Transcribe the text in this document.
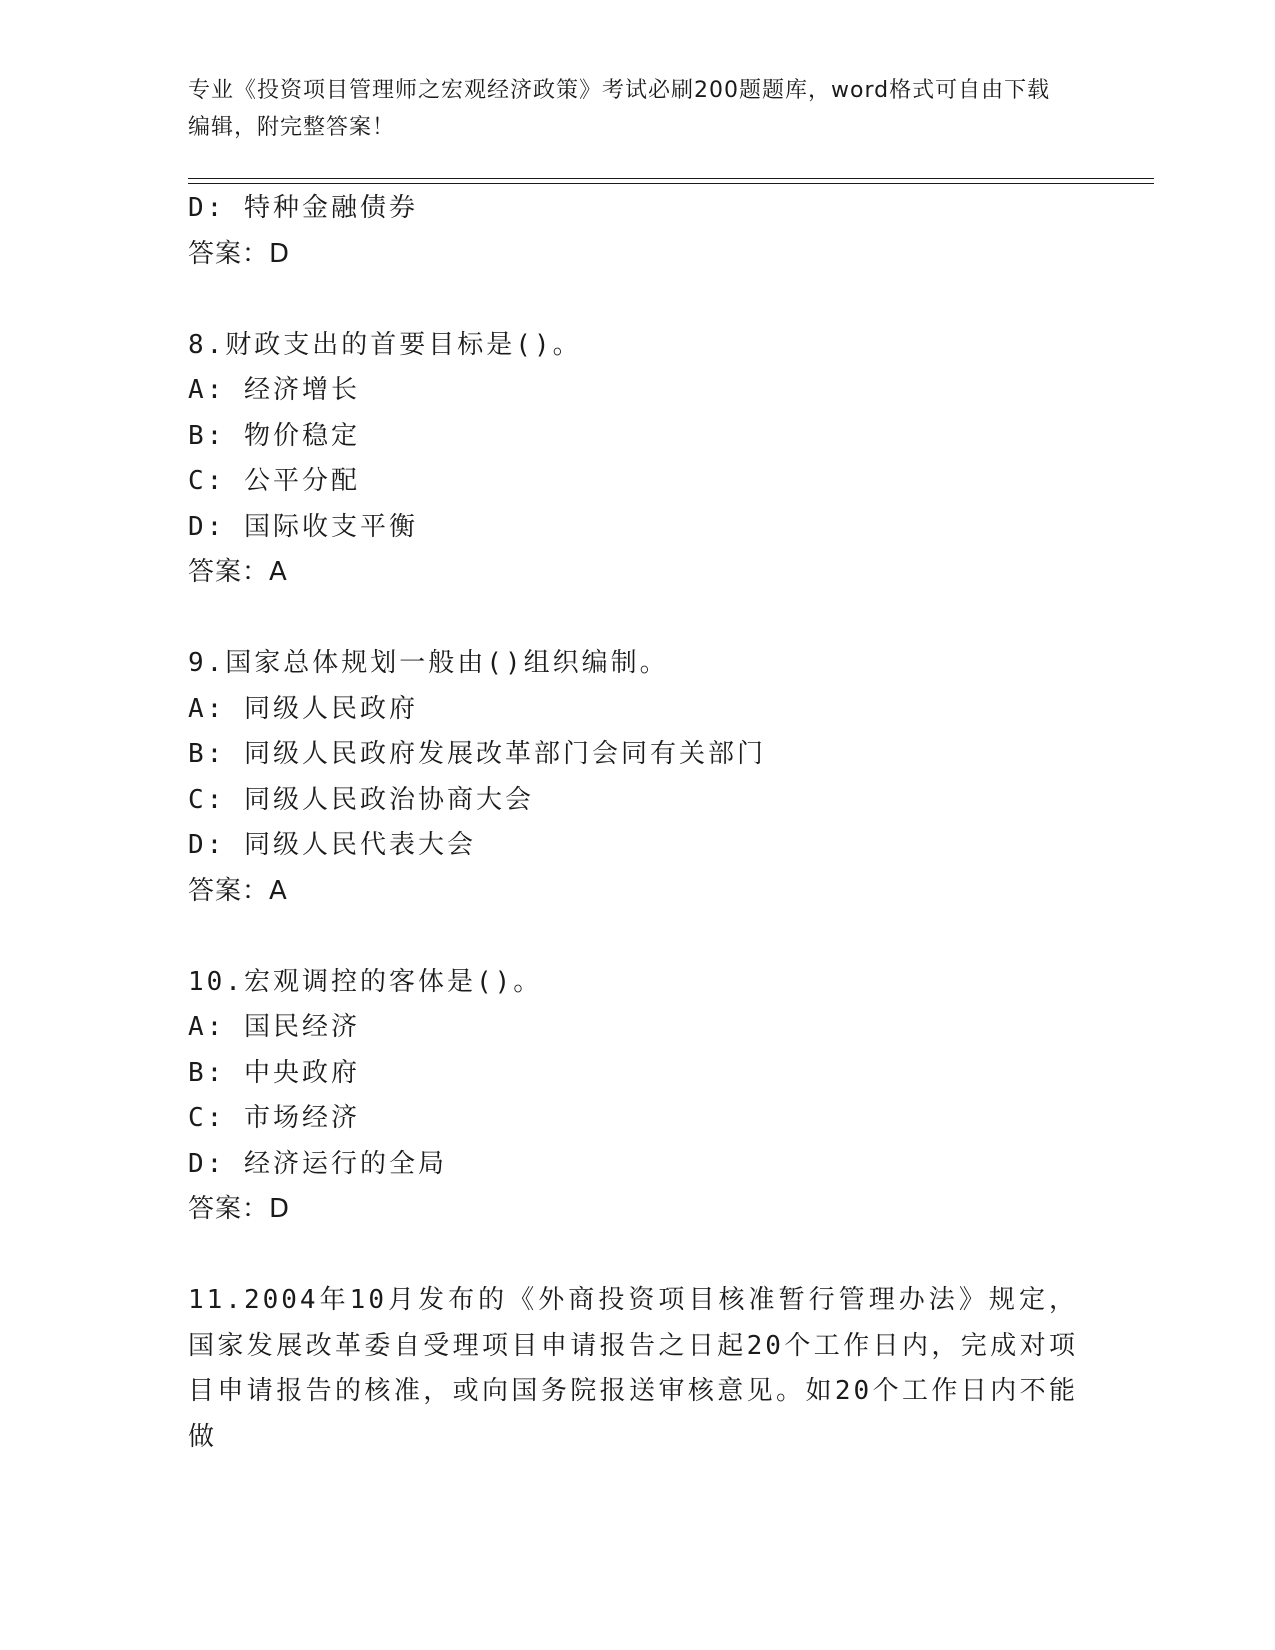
专业《投资项目管理师之宏观经济政策》考试必刷200题题库，word格式可自由下载编辑，附完整答案！
D: 特种金融债券
答案：D
8.财政支出的首要目标是()。
A: 经济增长
B: 物价稳定
C: 公平分配
D: 国际收支平衡
答案：A
9.国家总体规划一般由()组织编制。
A: 同级人民政府
B: 同级人民政府发展改革部门会同有关部门
C: 同级人民政治协商大会
D: 同级人民代表大会
答案：A
10.宏观调控的客体是()。
A: 国民经济
B: 中央政府
C: 市场经济
D: 经济运行的全局
答案：D
11.2004年10月发布的《外商投资项目核准暂行管理办法》规定，国家发展改革委自受理项目申请报告之日起20个工作日内，完成对项目申请报告的核准，或向国务院报送审核意见。如20个工作日内不能做
